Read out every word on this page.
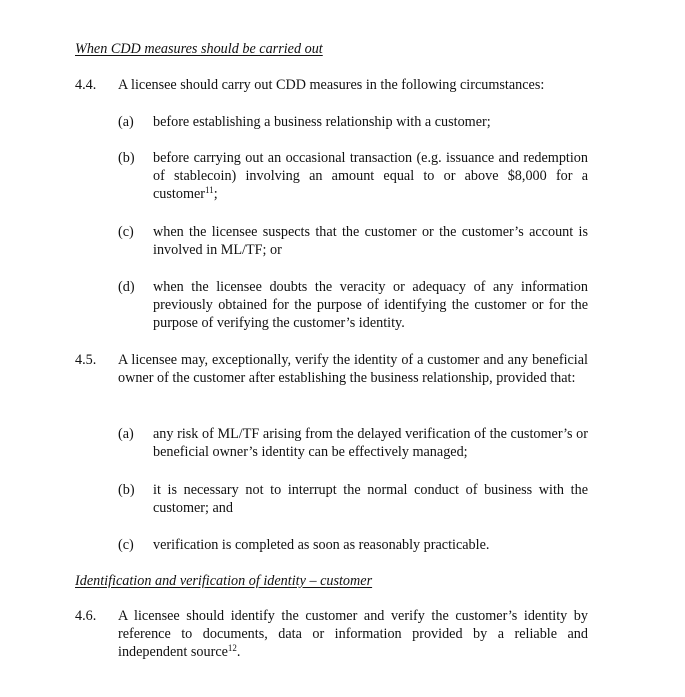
When CDD measures should be carried out
4.4. A licensee should carry out CDD measures in the following circumstances:
(a) before establishing a business relationship with a customer;
(b) before carrying out an occasional transaction (e.g. issuance and redemption of stablecoin) involving an amount equal to or above $8,000 for a customer$^{11}$;
(c) when the licensee suspects that the customer or the customer’s account is involved in ML/TF; or
(d) when the licensee doubts the veracity or adequacy of any information previously obtained for the purpose of identifying the customer or for the purpose of verifying the customer’s identity.
4.5. A licensee may, exceptionally, verify the identity of a customer and any beneficial owner of the customer after establishing the business relationship, provided that:
(a) any risk of ML/TF arising from the delayed verification of the customer’s or beneficial owner’s identity can be effectively managed;
(b) it is necessary not to interrupt the normal conduct of business with the customer; and
(c) verification is completed as soon as reasonably practicable.
Identification and verification of identity – customer
4.6. A licensee should identify the customer and verify the customer’s identity by reference to documents, data or information provided by a reliable and independent source$^{12}$.
